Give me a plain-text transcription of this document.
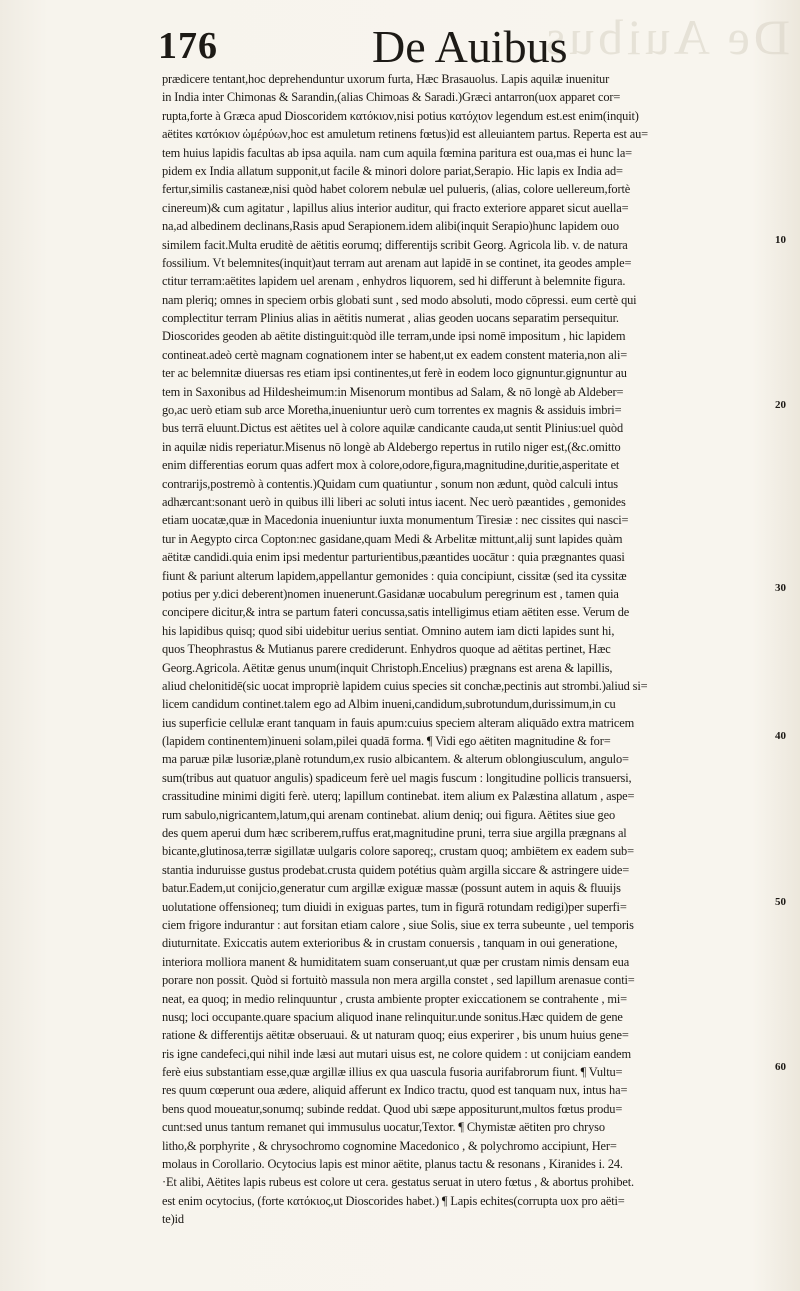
De Auibus
176	De Auibus
prædicere tentant,hoc deprehenduntur uxorum furta, Hæc Brasauolus. Lapis aquilæ inuenitur
in India inter Chimonas & Sarandin,(alias Chimoas & Saradi.)Græci antarron(uox apparet cor=
rupta,forte à Græca apud Dioscoridem κατόκιον,nisi potius κατόχιον legendum est.est enim(inquit)
aëtites κατόκιον ὠμέρύων,hoc est amuletum retinens fœtus)id est alleuiantem partus. Reperta est au=
tem huius lapidis facultas ab ipsa aquila. nam cum aquila fœmina paritura est oua,mas ei hunc la=
pidem ex India allatum supponit,ut facile & minori dolore pariat,Serapio. Hic lapis ex India ad=
fertur,similis castaneæ,nisi quòd habet colorem nebulæ uel pulueris, (alias, colore uellereum,fortè
cinereum)& cum agitatur , lapillus alius interior auditur, qui fracto exteriore apparet sicut auella=
na,ad albedinem declinans,Rasis apud Serapionem.idem alibi(inquit Serapio)hunc lapidem ouo
similem facit.Multa eruditè de aëtitis eorumq; differentijs scribit Georg. Agricola lib. v. de natura
fossilium. Vt belemnites(inquit)aut terram aut arenam aut lapidē in se continet, ita geodes ample=
ctitur terram:aëtites lapidem uel arenam , enhydros liquorem, sed hi differunt à belemnite figura.
nam pleriq; omnes in speciem orbis globati sunt , sed modo absoluti, modo cōpressi. eum certè qui
complectitur terram Plinius alias in aëtitis numerat , alias geoden uocans separatim persequitur.
Dioscorides geoden ab aëtite distinguit:quòd ille terram,unde ipsi nomē impositum , hic lapidem
contineat.adeò certè magnam cognationem inter se habent,ut ex eadem constent materia,non ali=
ter ac belemnitæ diuersas res etiam ipsi continentes,ut ferè in eodem loco gignuntur.gignuntur au
tem in Saxonibus ad Hildesheimum:in Misenorum montibus ad Salam, & nō longè ab Aldeber=
go,ac uerò etiam sub arce Moretha,inueniuntur uerò cum torrentes ex magnis & assiduis imbri=
bus terrā eluunt.Dictus est aëtites uel à colore aquilæ candicante cauda,ut sentit Plinius:uel quòd
in aquilæ nidis reperiatur.Misenus nō longè ab Aldebergo repertus in rutilo niger est,(&c.omitto
enim differentias eorum quas adfert mox à colore,odore,figura,magnitudine,duritie,asperitate et
contrarijs,postremò à contentis.)Quidam cum quatiuntur , sonum non ædunt, quòd calculi intus
adhærcant:sonant uerò in quibus illi liberi ac soluti intus iacent. Nec uerò pæantides , gemonides
etiam uocatæ,quæ in Macedonia inueniuntur iuxta monumentum Tiresiæ : nec cissites qui nasci=
tur in Aegypto circa Copton:nec gasidane,quam Medi & Arbelitæ mittunt,alij sunt lapides quàm
aëtitæ candidi.quia enim ipsi medentur parturientibus,pæantides uocātur : quia prægnantes quasi
fiunt & pariunt alterum lapidem,appellantur gemonides : quia concipiunt, cissitæ (sed ita cyssitæ
potius per y.dici deberent)nomen inuenerunt.Gasidanæ uocabulum peregrinum est , tamen quia
concipere dicitur,& intra se partum fateri concussa,satis intelligimus etiam aëtiten esse. Verum de
his lapidibus quisq; quod sibi uidebitur uerius sentiat. Omnino autem iam dicti lapides sunt hi,
quos Theophrastus & Mutianus parere crediderunt. Enhydros quoque ad aëtitas pertinet, Hæc
Georg.Agricola. Aëtitæ genus unum(inquit Christoph.Encelius) prægnans est arena & lapillis,
aliud chelonitidē(sic uocat impropriè lapidem cuius species sit conchæ,pectinis aut strombi.)aliud si=
licem candidum continet.talem ego ad Albim inueni,candidum,subrotundum,durissimum,in cu
ius superficie cellulæ erant tanquam in fauis apum:cuius speciem alteram aliquādo extra matricem
(lapidem continentem)inueni solam,pilei quadā forma. ¶ Vidi ego aëtiten magnitudine & for=
ma paruæ pilæ lusoriæ,planè rotundum,ex rusio albicantem. & alterum oblongiusculum, angulo=
sum(tribus aut quatuor angulis) spadiceum ferè uel magis fuscum : longitudine pollicis transuersi,
crassitudine minimi digiti ferè. uterq; lapillum continebat. item alium ex Palæstina allatum , aspe=
rum sabulo,nigricantem,latum,qui arenam continebat. alium deniq; oui figura. Aëtites siue geo
des quem aperui dum hæc scriberem,ruffus erat,magnitudine pruni, terra siue argilla prægnans al
bicante,glutinosa,terræ sigillatæ uulgaris colore saporeq;, crustam quoq; ambiētem ex eadem sub=
stantia induruisse gustus prodebat.crusta quidem potétius quàm argilla siccare & astringere uide=
batur.Eadem,ut conijcio,generatur cum argillæ exiguæ massæ (possunt autem in aquis & fluuijs
uolutatione offensioneq; tum diuidi in exiguas partes, tum in figurā rotundam redigi)per superfi=
ciem frigore indurantur : aut forsitan etiam calore , siue Solis, siue ex terra subeunte , uel temporis
diuturnitate. Exiccatis autem exterioribus & in crustam conuersis , tanquam in oui generatione,
interiora molliora manent & humiditatem suam conseruant,ut quæ per crustam nimis densam eua
porare non possit. Quòd si fortuitò massula non mera argilla constet , sed lapillum arenasue conti=
neat, ea quoq; in medio relinquuntur , crusta ambiente propter exiccationem se contrahente , mi=
nusq; loci occupante.quare spacium aliquod inane relinquitur.unde sonitus.Hæc quidem de gene
ratione & differentijs aëtitæ obseruaui. & ut naturam quoq; eius experirer , bis unum huius gene=
ris igne candefeci,qui nihil inde læsi aut mutari uisus est, ne colore quidem : ut conijciam eandem
ferè eius substantiam esse,quæ argillæ illius ex qua uascula fusoria aurifabrorum fiunt. ¶ Vultu=
res quum cœperunt oua ædere, aliquid afferunt ex Indico tractu, quod est tanquam nux, intus ha=
bens quod moueatur,sonumq; subinde reddat. Quod ubi sæpe appositurunt,multos fœtus produ=
cunt:sed unus tantum remanet qui immusulus uocatur,Textor. ¶ Chymistæ aëtiten pro chryso
litho,& porphyrite , & chrysochromo cognomine Macedonico , & polychromo accipiunt, Her=
molaus in Corollario. Ocytocius lapis est minor aëtite, planus tactu & resonans , Kiranides i. 24.
·Et alibi, Aëtites lapis rubeus est colore ut cera. gestatus seruat in utero fœtus , & abortus prohibet.
est enim ocytocius, (forte κατόκιος,ut Dioscorides habet.) ¶ Lapis echites(corrupta uox pro aëti=
te)id
10
20
30
40
50
60
